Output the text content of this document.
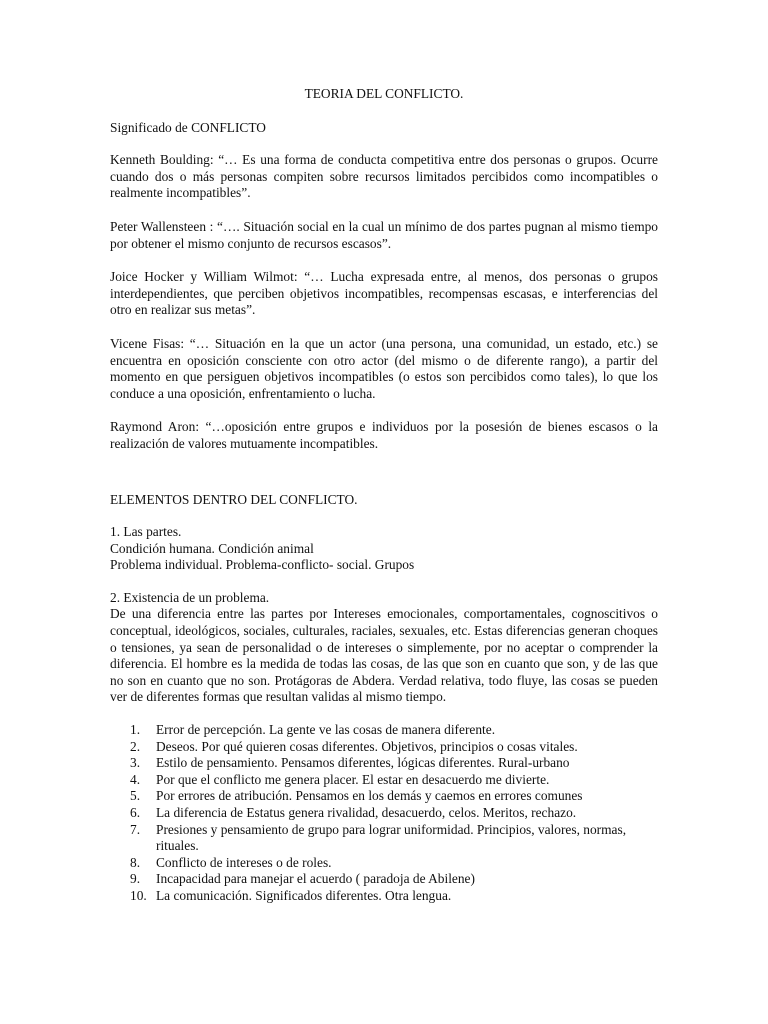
TEORIA DEL CONFLICTO.
Significado de CONFLICTO
Kenneth Boulding: “… Es una forma de conducta competitiva entre dos personas o grupos. Ocurre cuando dos o más personas compiten sobre recursos limitados percibidos como incompatibles o realmente incompatibles”.
Peter Wallensteen : “…. Situación social en la cual un mínimo de dos partes pugnan al mismo tiempo por obtener el mismo conjunto de recursos escasos”.
Joice Hocker y William Wilmot: “… Lucha expresada entre, al menos, dos personas o grupos interdependientes, que perciben objetivos incompatibles, recompensas escasas, e interferencias del otro en realizar sus metas”.
Vicene Fisas: “… Situación en la que un actor (una persona, una comunidad, un estado, etc.) se encuentra en oposición consciente con otro actor (del mismo o de diferente rango), a partir del momento en que persiguen objetivos incompatibles (o estos son percibidos como tales), lo que los conduce a una oposición, enfrentamiento o lucha.
Raymond Aron: “…oposición entre grupos e individuos por la posesión de bienes escasos o la realización de valores mutuamente incompatibles.
ELEMENTOS DENTRO DEL CONFLICTO.
1. Las partes.
Condición humana. Condición animal
Problema individual. Problema-conflicto- social. Grupos
2. Existencia de un problema.
De una diferencia entre las partes por Intereses emocionales, comportamentales, cognoscitivos o conceptual, ideológicos, sociales, culturales, raciales, sexuales, etc. Estas diferencias generan choques o tensiones, ya sean de personalidad o de intereses o simplemente, por no aceptar o comprender la diferencia. El hombre es la medida de todas las cosas, de las que son en cuanto que son, y de las que no son en cuanto que no son. Protágoras de Abdera. Verdad relativa, todo fluye, las cosas se pueden ver de diferentes formas que resultan validas al mismo tiempo.
1.	Error de percepción. La gente ve las cosas de manera diferente.
2.	Deseos. Por qué quieren cosas diferentes. Objetivos, principios o cosas vitales.
3.	Estilo de pensamiento. Pensamos diferentes, lógicas diferentes. Rural-urbano
4.	Por que el conflicto me genera placer. El estar en desacuerdo me divierte.
5.	Por errores de atribución. Pensamos en los demás y caemos en errores comunes
6.	La diferencia de Estatus genera rivalidad, desacuerdo, celos. Meritos, rechazo.
7.	Presiones y pensamiento de grupo para lograr uniformidad. Principios, valores, normas, rituales.
8.	Conflicto de intereses o de roles.
9.	Incapacidad para manejar el acuerdo ( paradoja de Abilene)
10. La comunicación. Significados diferentes. Otra lengua.
